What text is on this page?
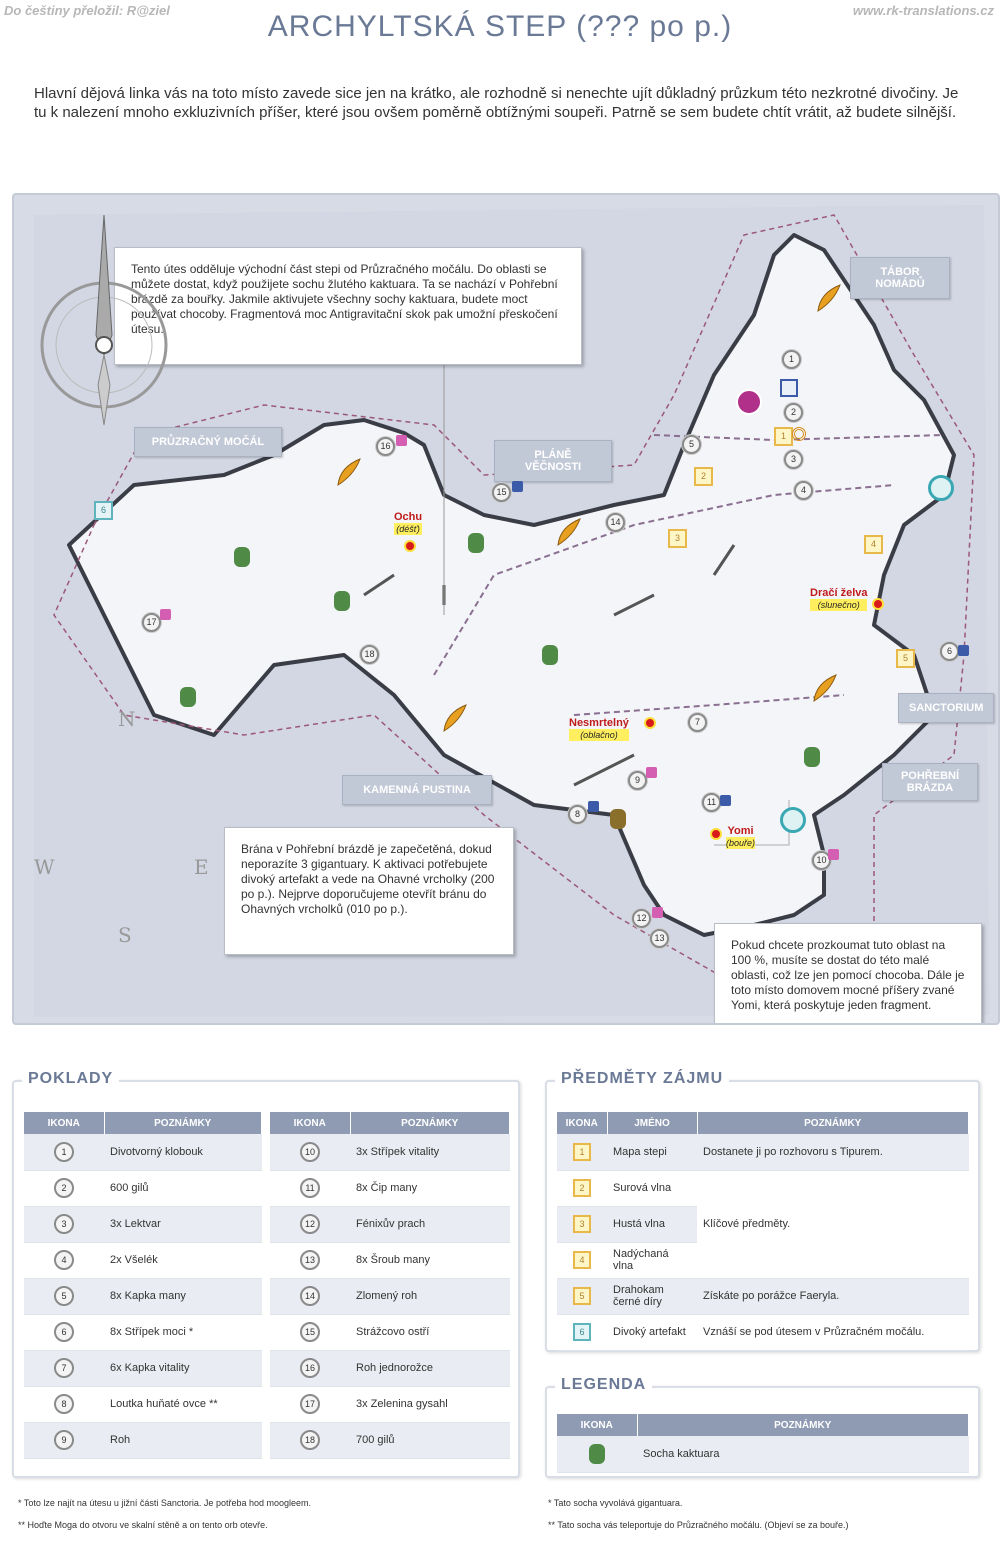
Do češtiny přeložil: R@ziel	www.rk-translations.cz
ARCHYLTSKÁ STEP (??? po p.)

Hlavní dějová linka vás na toto místo zavede sice jen na krátko, ale rozhodně si nenechte ujít důkladný průzkum této nezkrotné divočiny. Je tu k nalezení mnoho exkluzivních příšer, které jsou ovšem poměrně obtížnými soupeři. Patrně se sem budete chtít vrátit, až budete silnější.

TÁBOR NOMÁDŮ
PRŮZRAČNÝ MOČÁL
PLÁNĚ VĚČNOSTI
SANCTORIUM
POHŘEBNÍ BRÁZDA
KAMENNÁ PUSTINA
Tento útes odděluje východní část stepi od Průzračného močálu. Do oblasti se můžete dostat, když použijete sochu žlutého kaktuara. Ta se nachází v Pohřební brázdě za bouřky. Jakmile aktivujete všechny sochy kaktuara, budete moct používat chocoby. Fragmentová moc Antigravitační skok pak umožní přeskočení útesu.
Brána v Pohřební brázdě je zapečetěná, dokud neporazíte 3 gigantuary. K aktivaci potřebujete divoký artefakt a vede na Ohavné vrcholky (200 po p.). Nejprve doporučujeme otevřít bránu do Ohavných vrcholků (010 po p.).
Pokud chcete prozkoumat tuto oblast na 100 %, musíte se dostat do této malé oblasti, což lze jen pomocí chocoba. Dále je toto místo domovem mocné příšery zvané Yomi, která poskytuje jeden fragment.
Ochu
(déšť)
Dračí želva
(slunečno)
Nesmrtelný
(oblačno)
Yomi
(bouře)
1
2
3
4
5
6
7
8
9
10
11
12
13
14
15
16
17
18
1
2
3
4
5
6
N
S
W	E
POKLADY
IKONA	POZNÁMKY
1	Divotvorný klobouk
2	600 gilů
3	3x Lektvar
4	2x Všelék
5	8x Kapka many
6	8x Střípek moci *
7	6x Kapka vitality
8	Loutka huňaté ovce **
9	Roh
IKONA	POZNÁMKY
10	3x Střípek vitality
11	8x Čip many
12	Fénixův prach
13	8x Šroub many
14	Zlomený roh
15	Strážcovo ostří
16	Roh jednorožce
17	3x Zelenina gysahl
18	700 gilů
PŘEDMĚTY ZÁJMU
IKONA	JMÉNO	POZNÁMKY
1	Mapa stepi	Dostanete ji po rozhovoru s Tipurem.
2	Surová vlna	Klíčové předměty.
3	Hustá vlna	
4	Nadýchaná vlna	
5	Drahokam černé díry	Získáte po porážce Faeryla.
6	Divoký artefakt	Vznáší se pod útesem v Průzračném močálu.
LEGENDA
IKONA	POZNÁMKY
	Socha kaktuara
* Toto lze najít na útesu u jižní části Sanctoria. Je potřeba hod moogleem.
** Hoďte Moga do otvoru ve skalní stěně a on tento orb otevře.
* Tato socha vyvolává gigantuara.
** Tato socha vás teleportuje do Průzračného močálu. (Objeví se za bouře.)
